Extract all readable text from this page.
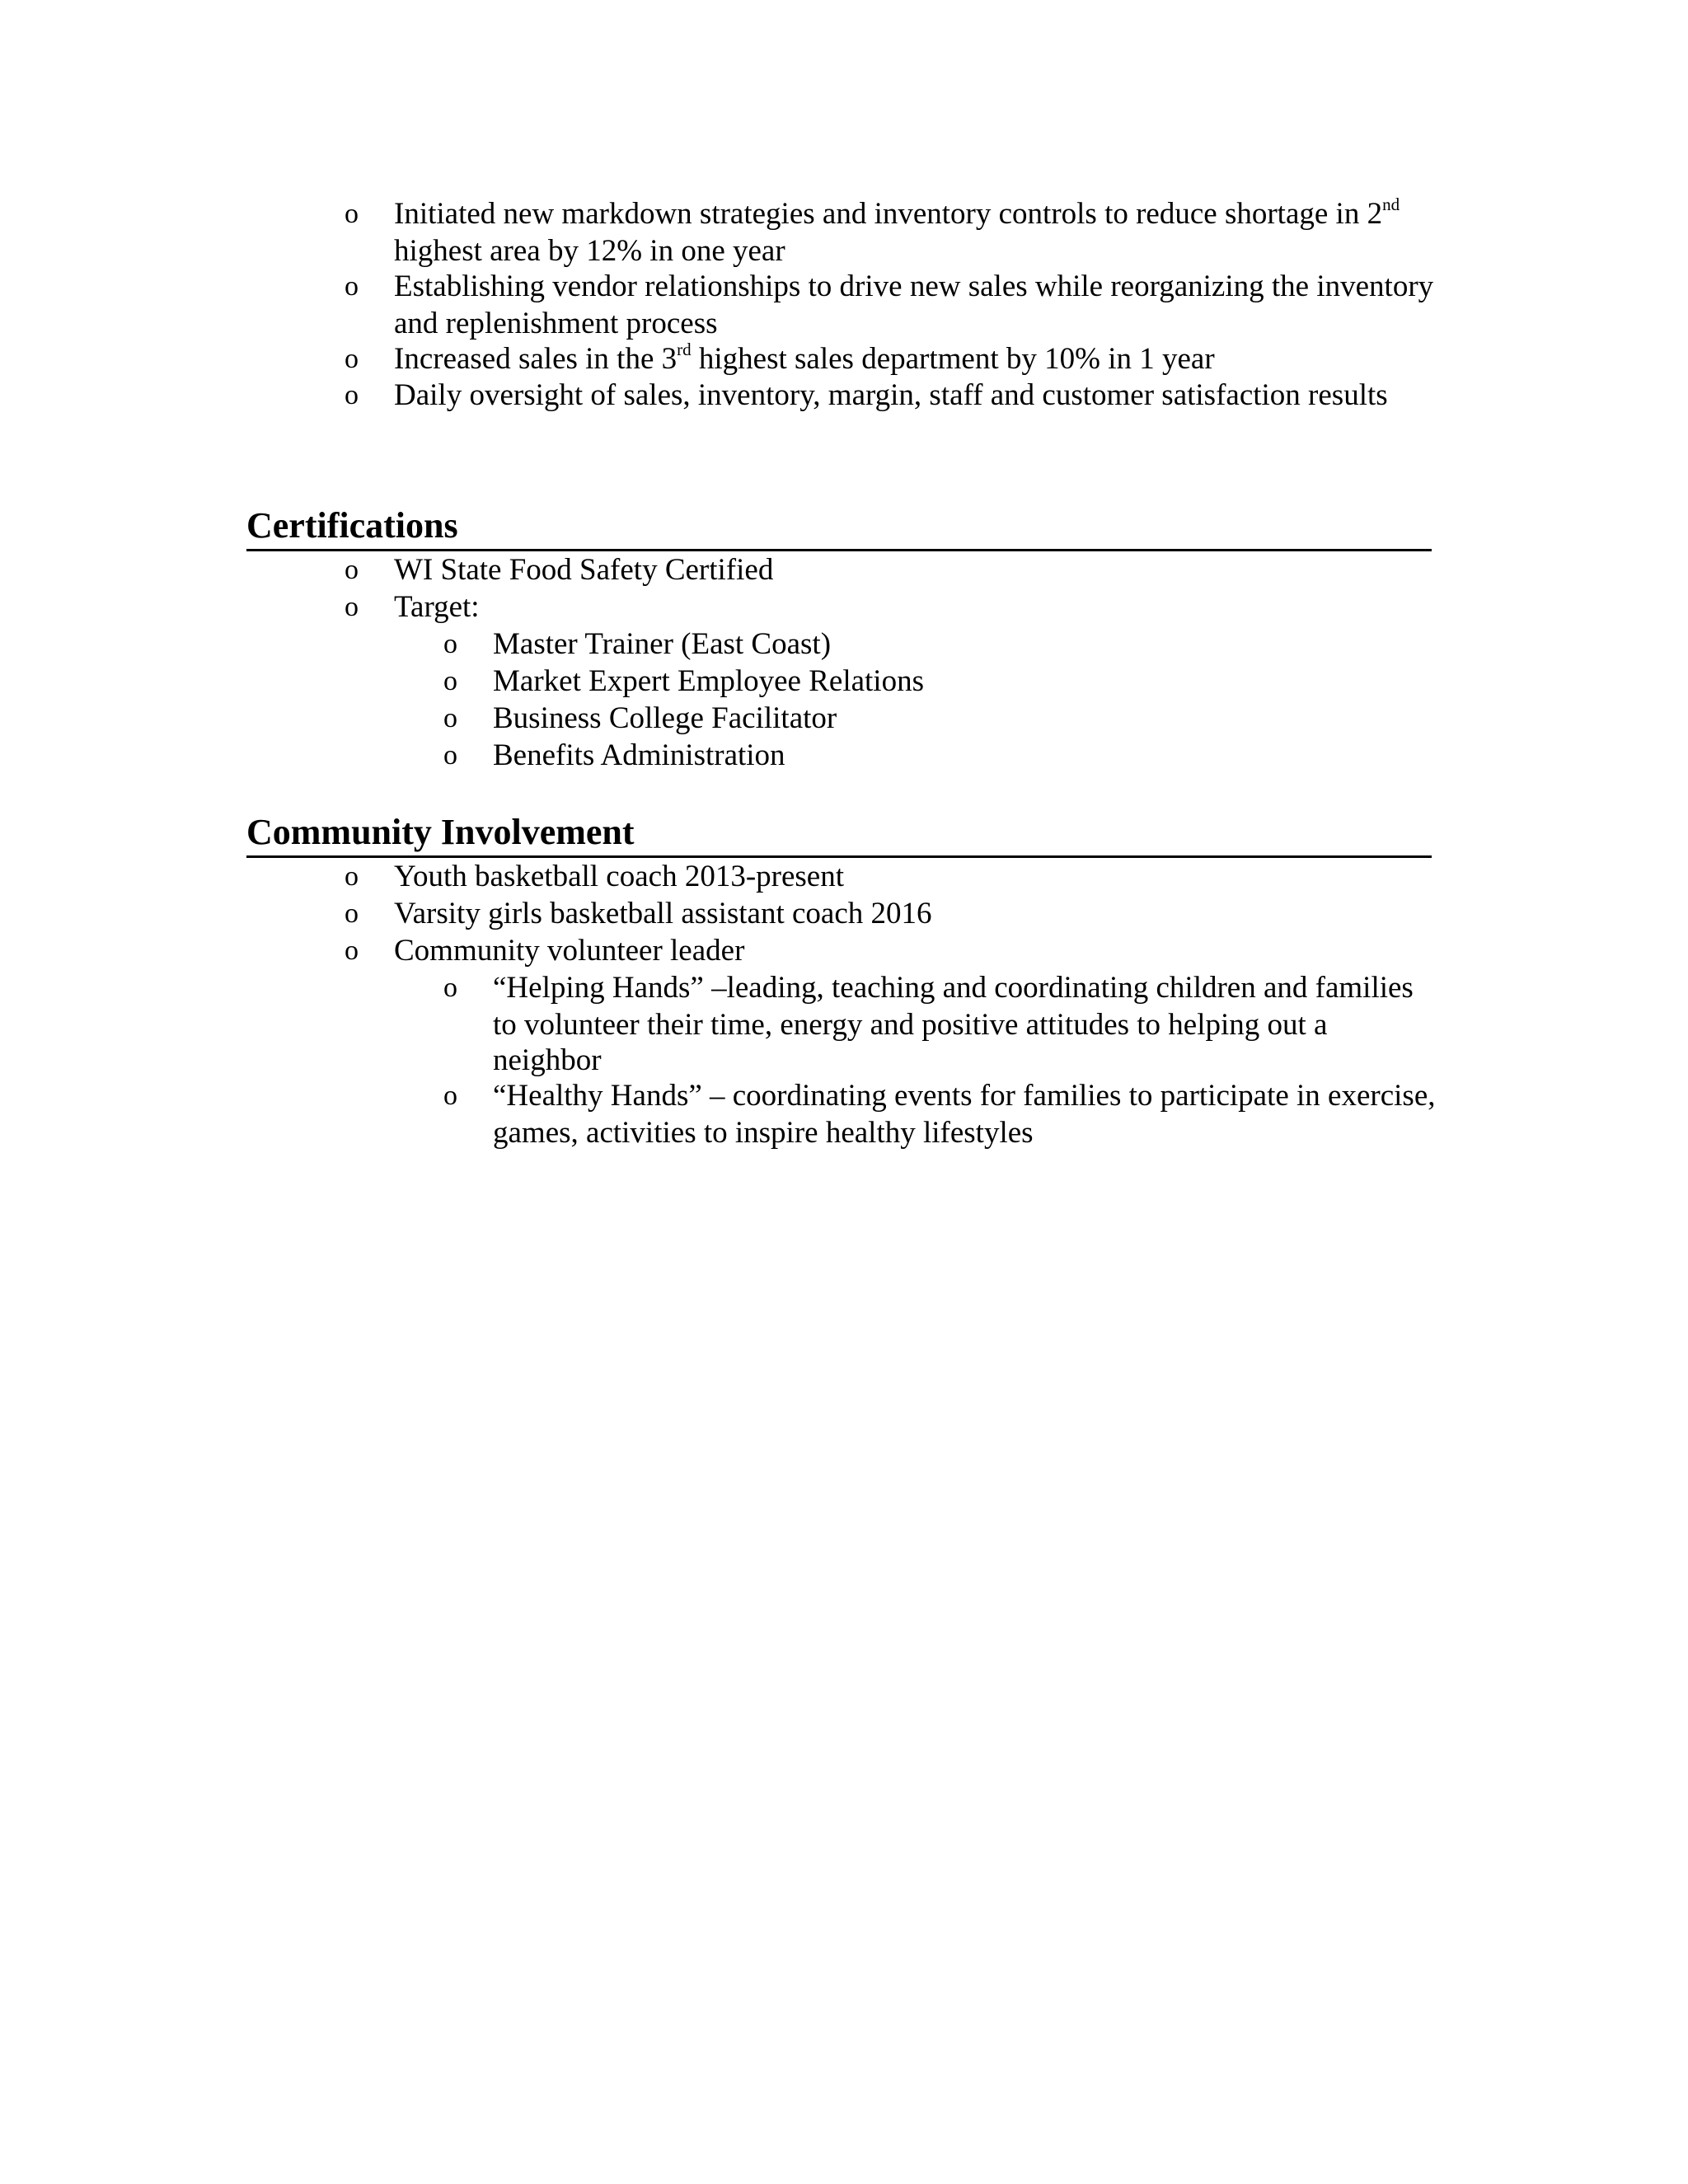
o Initiated new markdown strategies and inventory controls to reduce shortage in 2nd
highest area by 12% in one year
o Establishing vendor relationships to drive new sales while reorganizing the inventory
and replenishment process
o Increased sales in the 3rd highest sales department by 10% in 1 year
o Daily oversight of sales, inventory, margin, staff and customer satisfaction results
Certifications
o WI State Food Safety Certified
o Target:
o Master Trainer (East Coast)
o Market Expert Employee Relations
o Business College Facilitator
o Benefits Administration
Community Involvement
o Youth basketball coach 2013-present
o Varsity girls basketball assistant coach 2016
o Community volunteer leader
o “Helping Hands” –leading, teaching and coordinating children and families
to volunteer their time, energy and positive attitudes to helping out a
neighbor
o “Healthy Hands” – coordinating events for families to participate in exercise,
games, activities to inspire healthy lifestyles
